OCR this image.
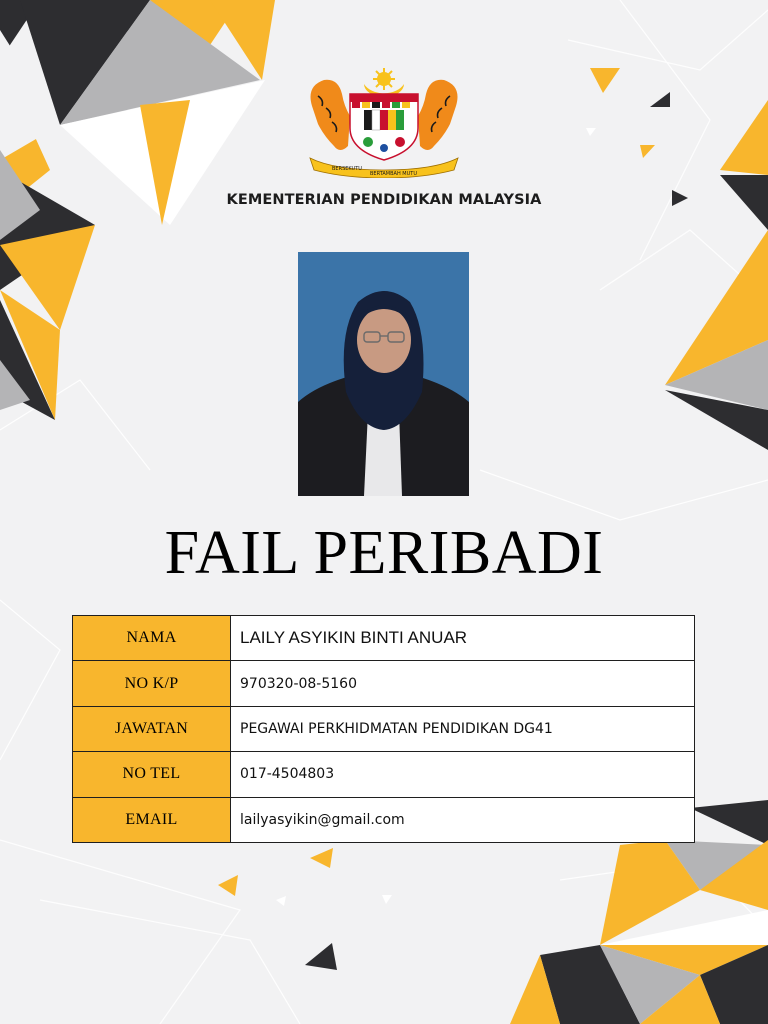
BERSEKUTU
BERTAMBAH MUTU
KEMENTERIAN PENDIDIKAN MALAYSIA
FAIL PERIBADI
NAMA	LAILY ASYIKIN BINTI ANUAR
NO K/P	970320-08-5160
JAWATAN	PEGAWAI PERKHIDMATAN PENDIDIKAN DG41
NO TEL	017-4504803
EMAIL	lailyasyikin@gmail.com
